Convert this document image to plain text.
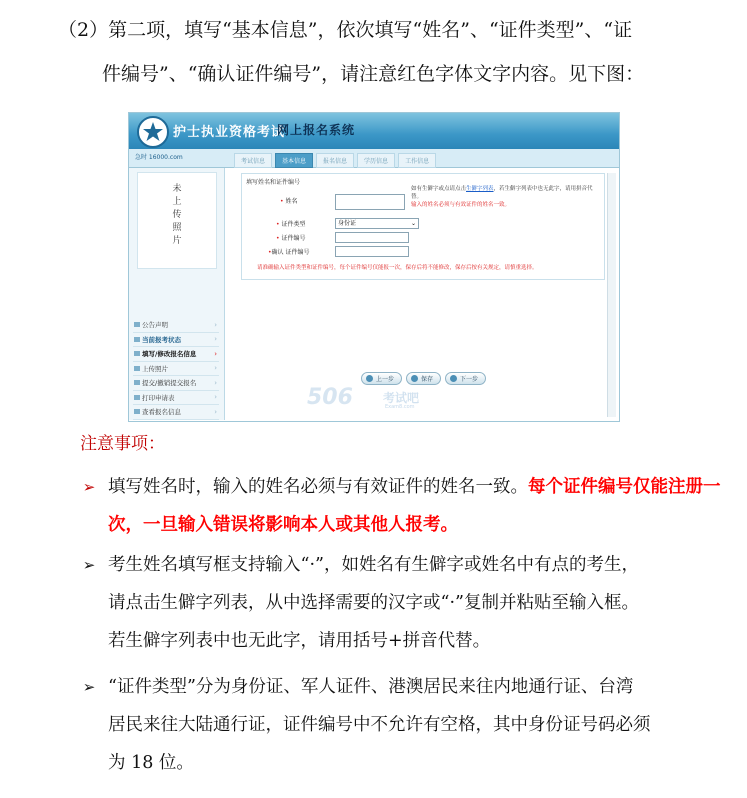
（2）第二项，填写“基本信息”，依次填写“姓名”、“证件类型”、“证
件编号”、“确认证件编号”，请注意红色字体文字内容。见下图：
护士执业资格考试
网上报名系统
急时 16000.com
考试信息	基本信息	报名信息	学历信息	工作信息
未上传照片
公告声明	›
当前报考状态	›
填写/修改报名信息	›
上传照片	›
提交/撤销提交报名	›
打印申请表	›
查看报名信息	›
填写姓名和证件编号
• 姓名
• 证件类型	身份证	⌄
• 证件编号
•确认 证件编号
如有生僻字或点请点击生僻字列表，若生僻字列表中也无此字，请用拼音代替。
输入的姓名必须与有效证件的姓名一致。
请准确输入证件类型和证件编号，每个证件编号仅能报一次，保存后将不能修改，保存后按有关规定，请慎重选择。
506	考试吧
Exam8.com
上一步	保存	下一步
注意事项：
➢ 填写姓名时，输入的姓名必须与有效证件的姓名一致。每个证件编号仅能注册一次，一旦输入错误将影响本人或其他人报考。
➢ 考生姓名填写框支持输入“·”，如姓名有生僻字或姓名中有点的考生，
请点击生僻字列表，从中选择需要的汉字或“·”复制并粘贴至输入框。
若生僻字列表中也无此字，请用括号+拼音代替。
➢ “证件类型”分为身份证、军人证件、港澳居民来往内地通行证、台湾
居民来往大陆通行证，证件编号中不允许有空格，其中身份证号码必须
为 18 位。
